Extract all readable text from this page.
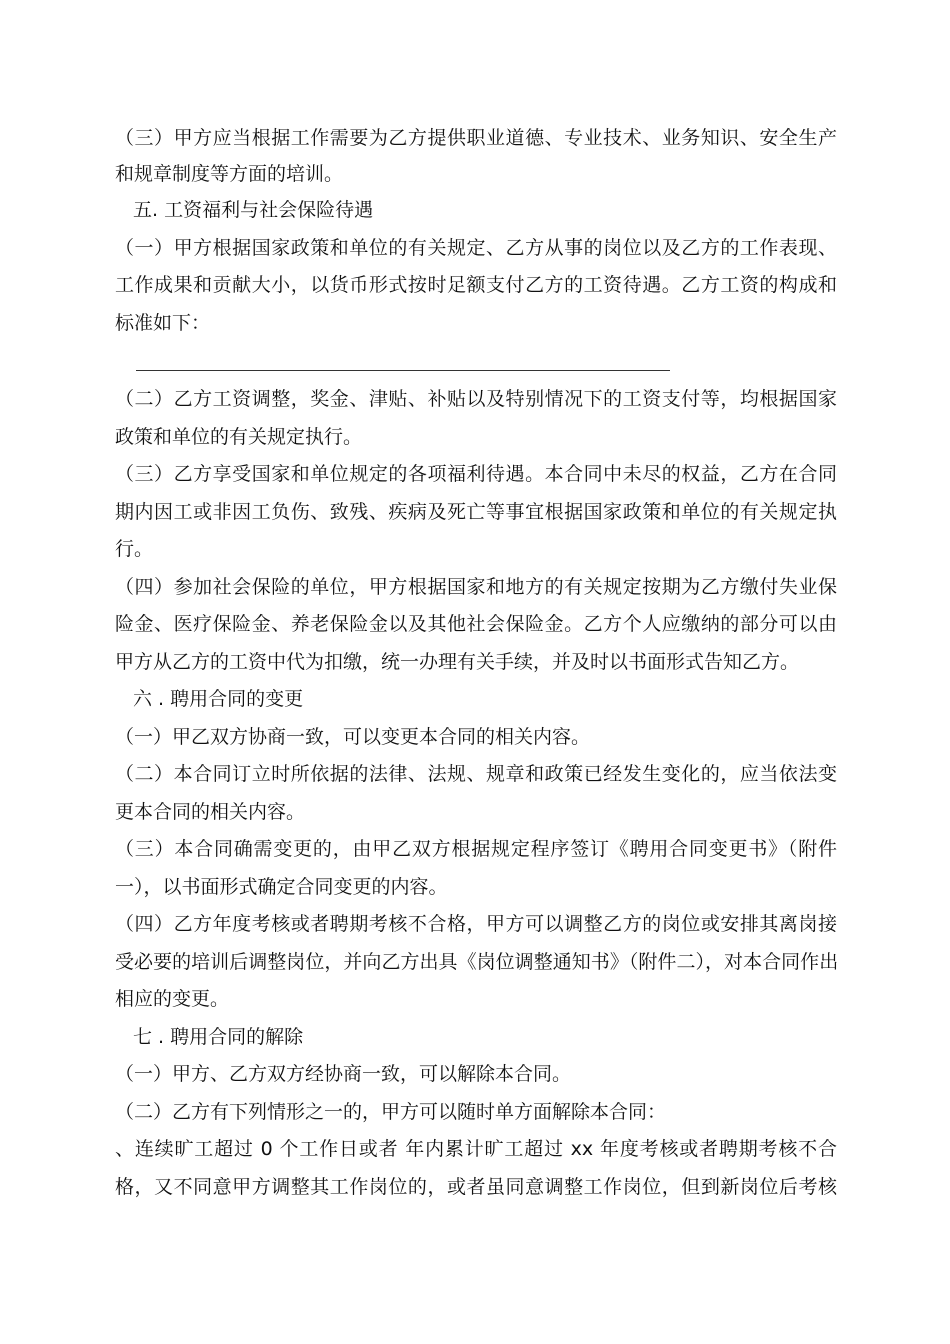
（三）甲方应当根据工作需要为乙方提供职业道德、专业技术、业务知识、安全生产
和规章制度等方面的培训。
五. 工资福利与社会保险待遇
（一）甲方根据国家政策和单位的有关规定、乙方从事的岗位以及乙方的工作表现、
工作成果和贡献大小，以货币形式按时足额支付乙方的工资待遇。乙方工资的构成和
标准如下：
（二）乙方工资调整，奖金、津贴、补贴以及特别情况下的工资支付等，均根据国家
政策和单位的有关规定执行。
（三）乙方享受国家和单位规定的各项福利待遇。本合同中未尽的权益，乙方在合同
期内因工或非因工负伤、致残、疾病及死亡等事宜根据国家政策和单位的有关规定执
行。
（四）参加社会保险的单位，甲方根据国家和地方的有关规定按期为乙方缴付失业保
险金、医疗保险金、养老保险金以及其他社会保险金。乙方个人应缴纳的部分可以由
甲方从乙方的工资中代为扣缴，统一办理有关手续，并及时以书面形式告知乙方。
六 . 聘用合同的变更
（一）甲乙双方协商一致，可以变更本合同的相关内容。
（二）本合同订立时所依据的法律、法规、规章和政策已经发生变化的，应当依法变
更本合同的相关内容。
（三）本合同确需变更的，由甲乙双方根据规定程序签订《聘用合同变更书》（附件
一），以书面形式确定合同变更的内容。
（四）乙方年度考核或者聘期考核不合格，甲方可以调整乙方的岗位或安排其离岗接
受必要的培训后调整岗位，并向乙方出具《岗位调整通知书》（附件二），对本合同作出
相应的变更。
七 . 聘用合同的解除
（一）甲方、乙方双方经协商一致，可以解除本合同。
（二）乙方有下列情形之一的，甲方可以随时单方面解除本合同：
、连续旷工超过 0 个工作日或者 年内累计旷工超过 xx 年度考核或者聘期考核不合
格，又不同意甲方调整其工作岗位的，或者虽同意调整工作岗位，但到新岗位后考核
